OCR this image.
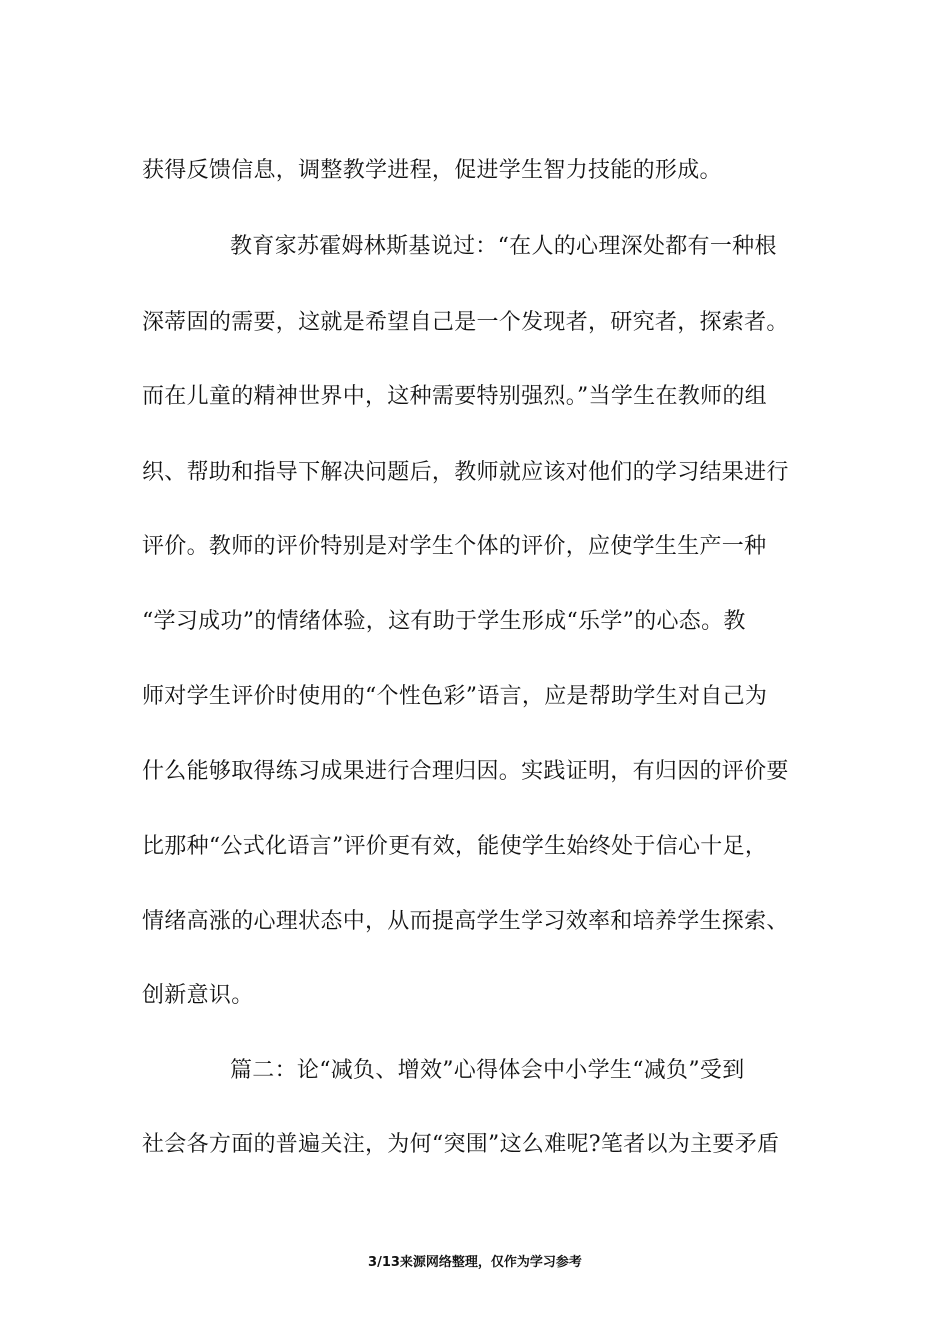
获得反馈信息，调整教学进程，促进学生智力技能的形成。
教育家苏霍姆林斯基说过：“在人的心理深处都有一种根
深蒂固的需要，这就是希望自己是一个发现者，研究者，探索者。
而在儿童的精神世界中，这种需要特别强烈。”当学生在教师的组
织、帮助和指导下解决问题后，教师就应该对他们的学习结果进行
评价。教师的评价特别是对学生个体的评价，应使学生生产一种
“学习成功”的情绪体验，这有助于学生形成“乐学”的心态。教
师对学生评价时使用的“个性色彩”语言，应是帮助学生对自己为
什么能够取得练习成果进行合理归因。实践证明，有归因的评价要
比那种“公式化语言”评价更有效，能使学生始终处于信心十足，
情绪高涨的心理状态中，从而提高学生学习效率和培养学生探索、
创新意识。
篇二：论“减负、增效”心得体会中小学生“减负”受到
社会各方面的普遍关注，为何“突围”这么难呢?笔者以为主要矛盾
3/13来源网络整理，仅作为学习参考
